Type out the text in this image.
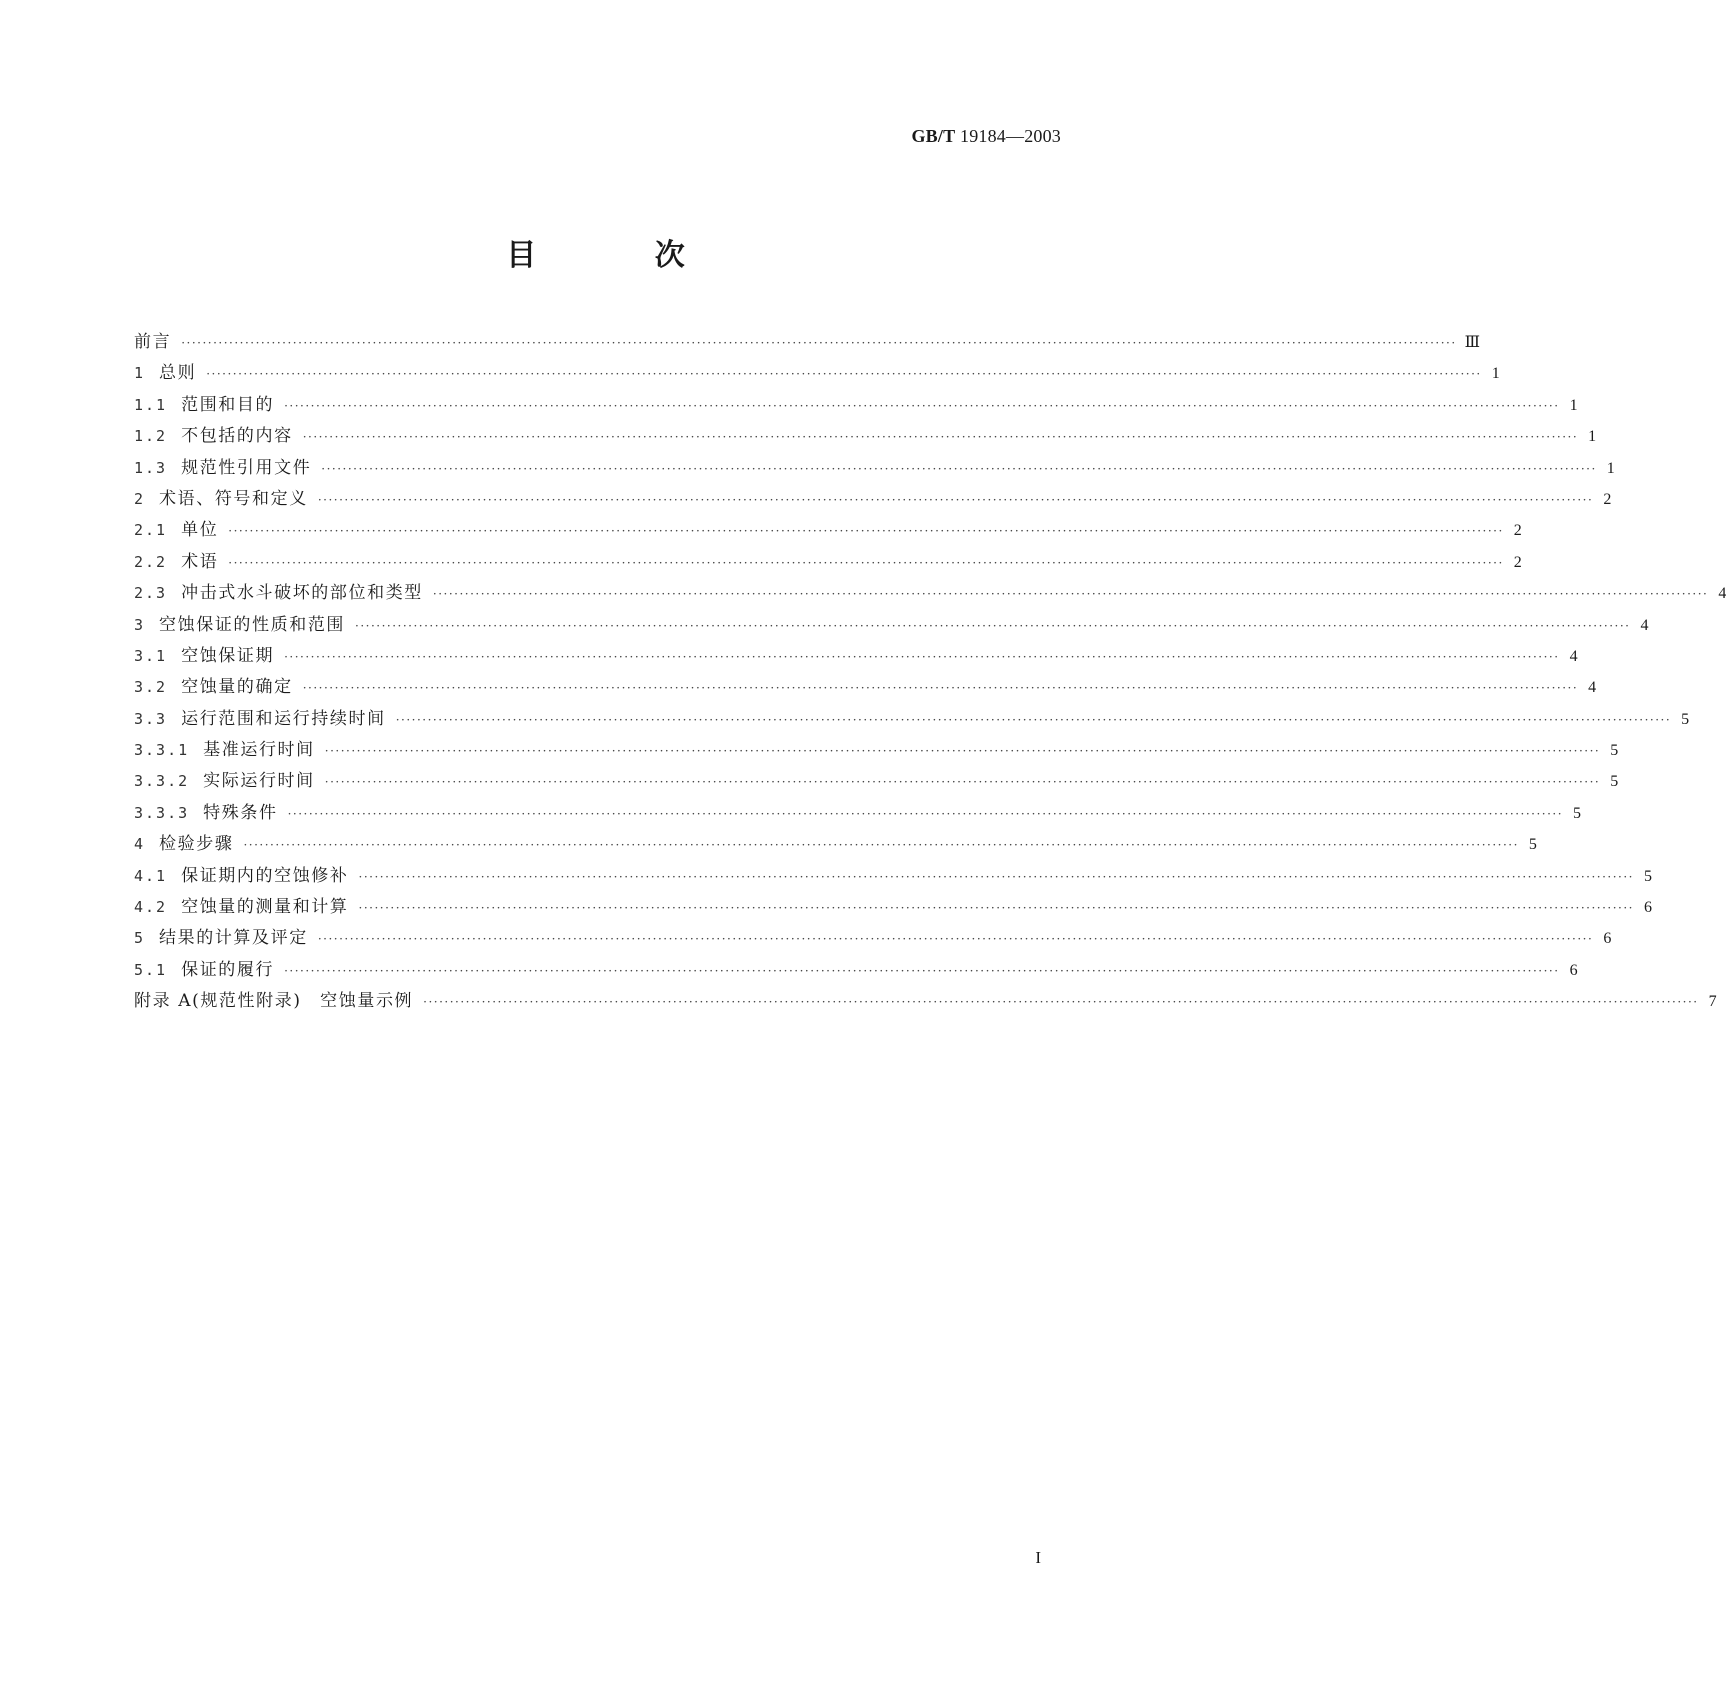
GB/T 19184—2003
目 次
前言 ················································································································································································································································ Ⅲ
1 总则 ················································································································································································································································ 1
1.1 范围和目的 ················································································································································································································································ 1
1.2 不包括的内容 ················································································································································································································································ 1
1.3 规范性引用文件 ················································································································································································································································ 1
2 术语、符号和定义 ················································································································································································································································ 2
2.1 单位 ················································································································································································································································ 2
2.2 术语 ················································································································································································································································ 2
2.3 冲击式水斗破坏的部位和类型 ················································································································································································································································ 4
3 空蚀保证的性质和范围 ················································································································································································································································ 4
3.1 空蚀保证期 ················································································································································································································································ 4
3.2 空蚀量的确定 ················································································································································································································································ 4
3.3 运行范围和运行持续时间 ················································································································································································································································ 5
3.3.1 基准运行时间 ················································································································································································································································ 5
3.3.2 实际运行时间 ················································································································································································································································ 5
3.3.3 特殊条件 ················································································································································································································································ 5
4 检验步骤 ················································································································································································································································ 5
4.1 保证期内的空蚀修补 ················································································································································································································································ 5
4.2 空蚀量的测量和计算 ················································································································································································································································ 6
5 结果的计算及评定 ················································································································································································································································ 6
5.1 保证的履行 ················································································································································································································································ 6
附录 A(规范性附录)　空蚀量示例 ················································································································································································································································ 7
I
